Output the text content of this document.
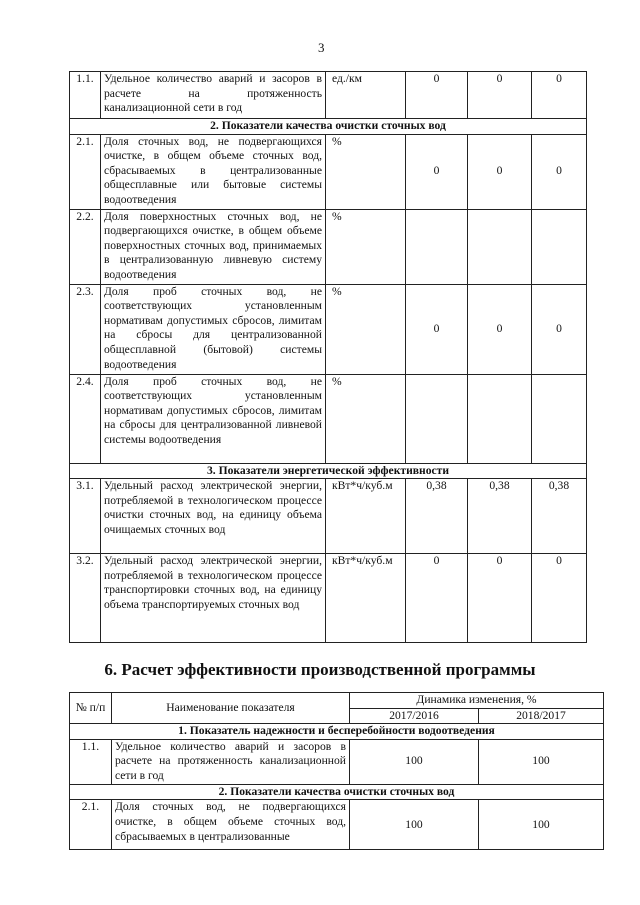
3
1.1.	Удельное количество аварий и засоров в расчете на протяженность канализационной сети в год	ед./км	0	0	0
2. Показатели качества очистки сточных вод					
2.1.	Доля сточных вод, не подвергающихся очистке, в общем объеме сточных вод, сбрасываемых в централизованные общесплавные или бытовые системы водоотведения	%	0	0	0
2.2.	Доля поверхностных сточных вод, не подвергающихся очистке, в общем объеме поверхностных сточных вод, принимаемых в централизованную ливневую систему водоотведения	%			
2.3.	Доля проб сточных вод, не соответствующих установленным нормативам допустимых сбросов, лимитам на сбросы для централизованной общесплавной (бытовой) системы водоотведения	%	0	0	0
2.4.	Доля проб сточных вод, не соответствующих установленным нормативам допустимых сбросов, лимитам на сбросы для централизованной ливневой системы водоотведения	%			
3. Показатели энергетической эффективности					
3.1.	Удельный расход электрической энергии, потребляемой в технологическом процессе очистки сточных вод, на единицу объема очищаемых сточных вод	кВт*ч/куб.м	0,38	0,38	0,38
3.2.	Удельный расход электрической энергии, потребляемой в технологическом процессе транспортировки сточных вод, на единицу объема транспортируемых сточных вод	кВт*ч/куб.м	0	0	0
6. Расчет эффективности производственной программы
№ п/п	Наименование показателя	Динамика изменения, %	
		2017/2016	2018/2017
1. Показатель надежности и бесперебойности водоотведения			
1.1.	Удельное количество аварий и засоров в расчете на протяженность канализационной сети в год	100	100
2. Показатели качества очистки сточных вод			
2.1.	Доля сточных вод, не подвергающихся очистке, в общем объеме сточных вод, сбрасываемых в централизованные	100	100
